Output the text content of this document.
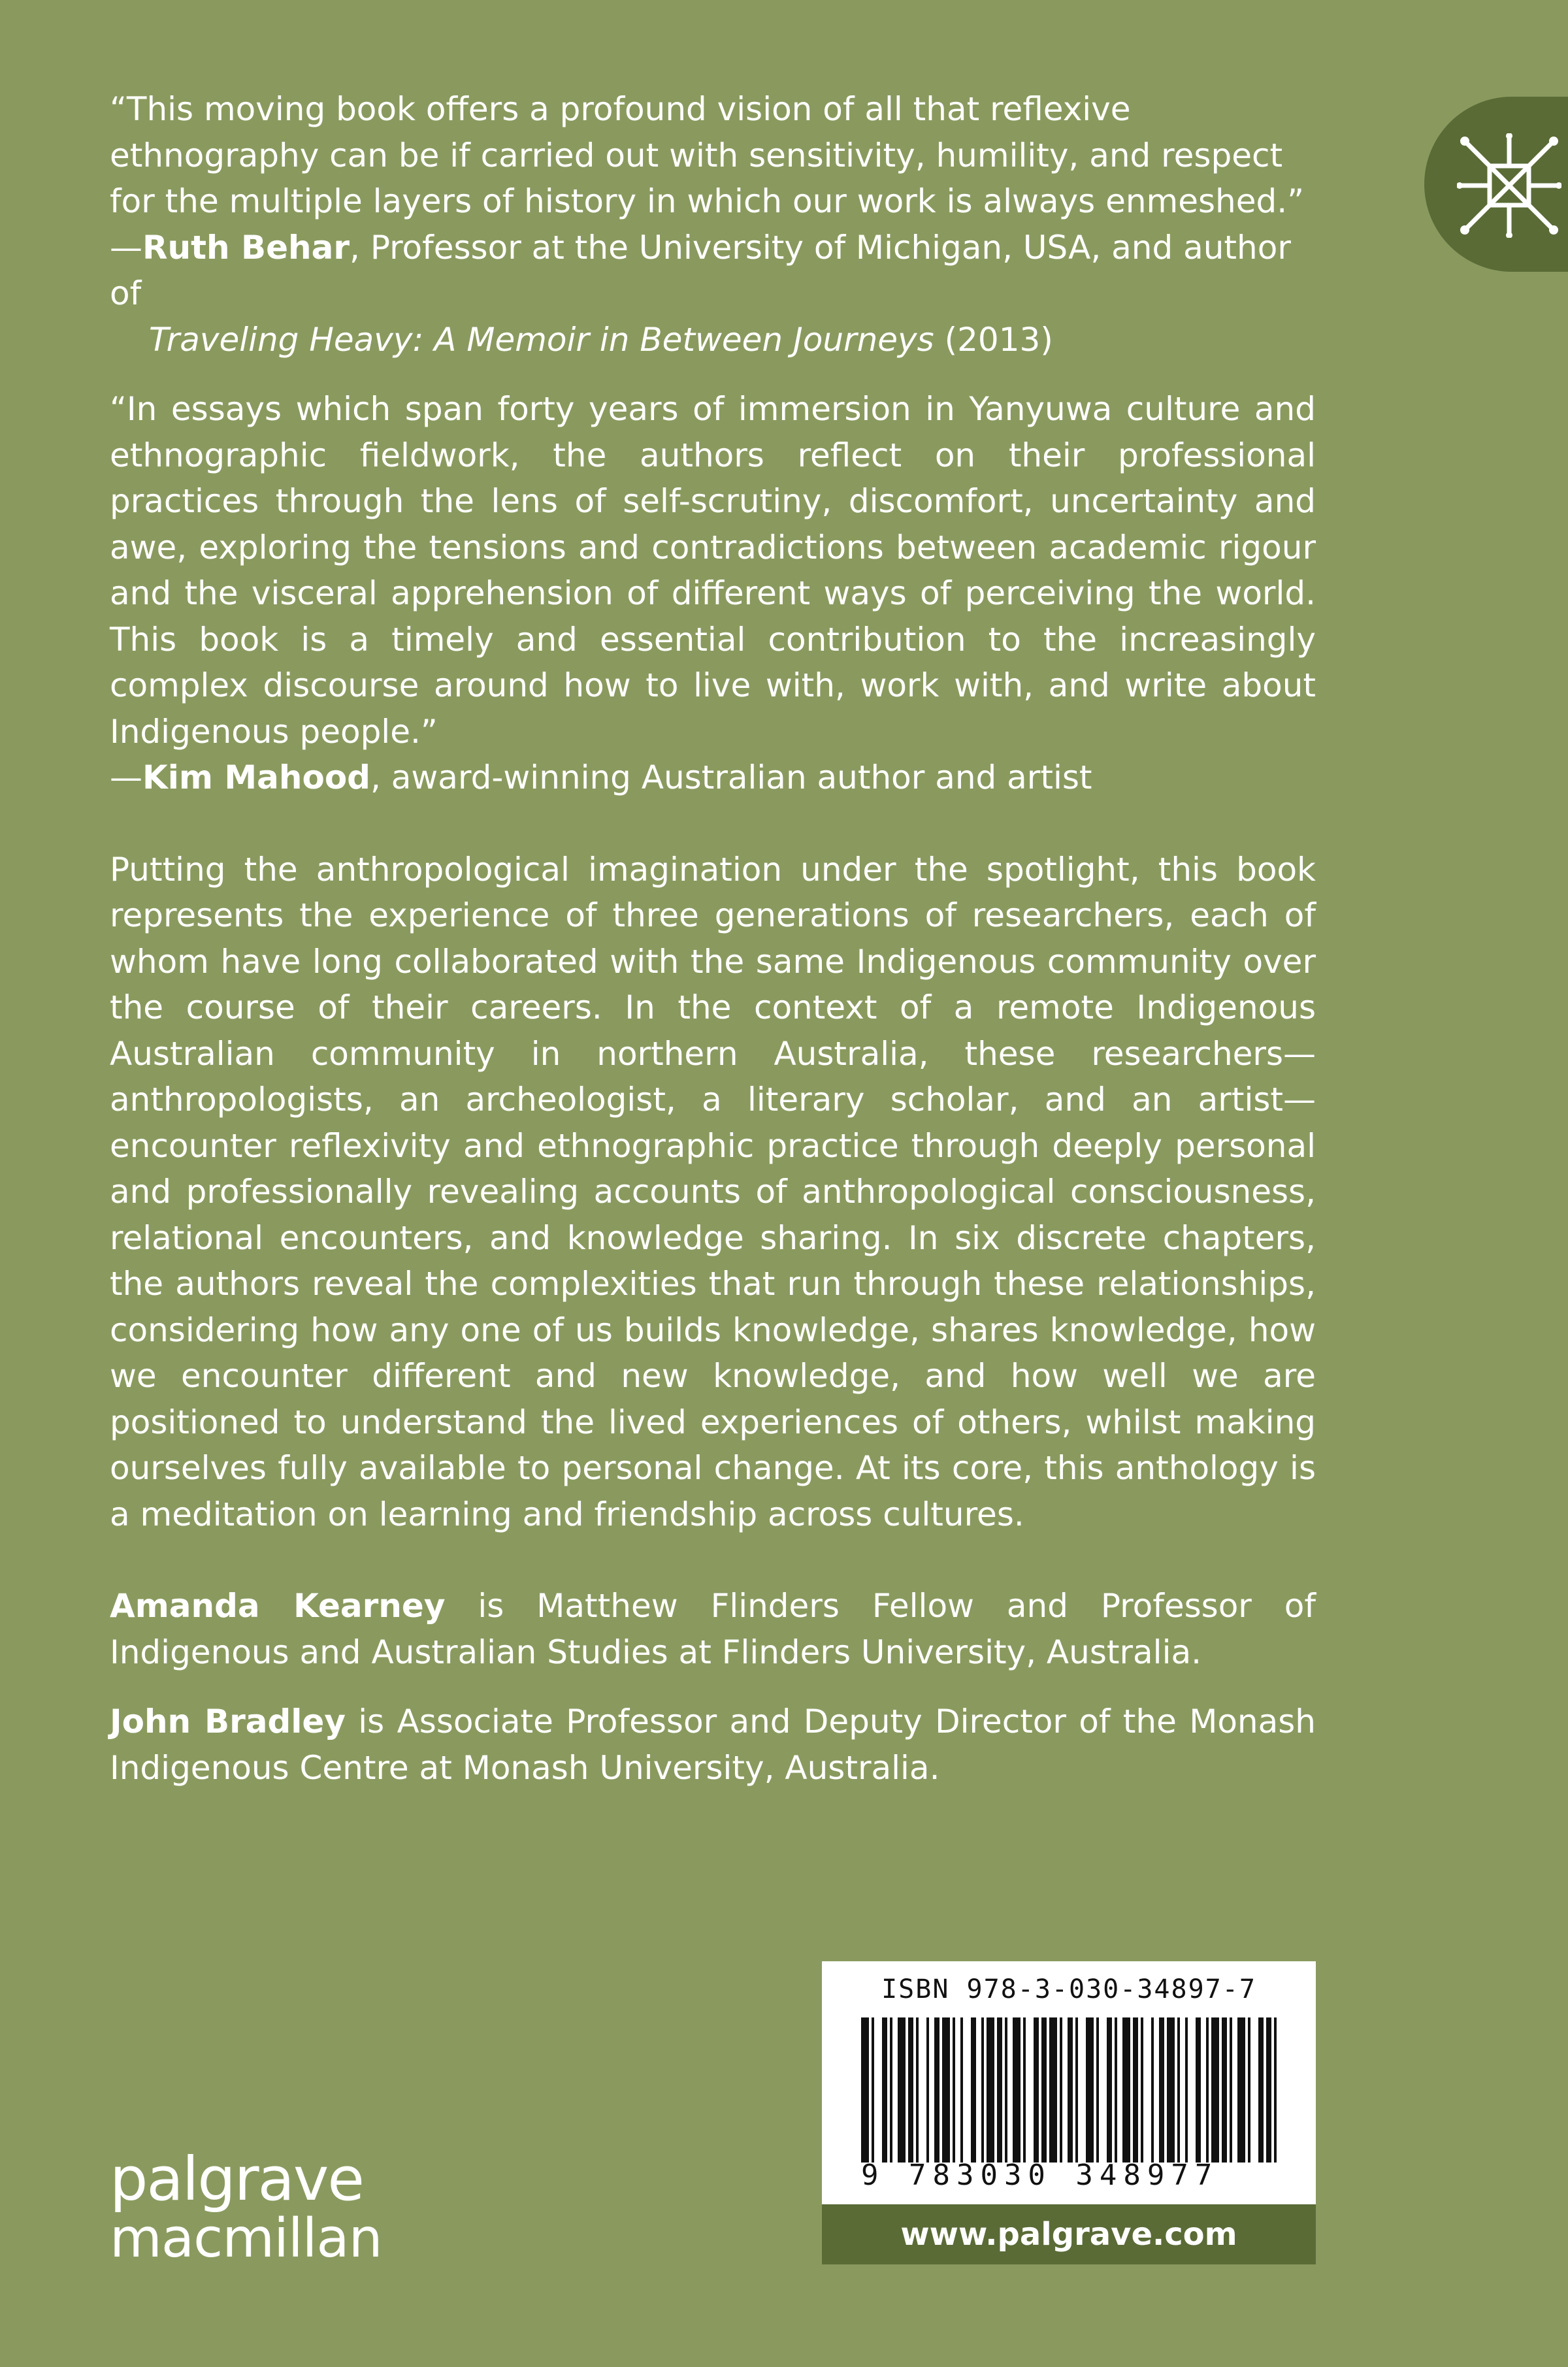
“This moving book offers a profound vision of all that reflexive ethnography can be if carried out with sensitivity, humility, and respect for the multiple layers of history in which our work is always enmeshed.”

—Ruth Behar, Professor at the University of Michigan, USA, and author of
Traveling Heavy: A Memoir in Between Journeys (2013)

“In essays which span forty years of immersion in Yanyuwa culture and ethnographic fieldwork, the authors reflect on their professional practices through the lens of self-scrutiny, discomfort, uncertainty and awe, exploring the tensions and contradictions between academic rigour and the visceral apprehension of different ways of perceiving the world. This book is a timely and essential contribution to the increasingly complex discourse around how to live with, work with, and write about Indigenous people.”

—Kim Mahood, award-winning Australian author and artist

Putting the anthropological imagination under the spotlight, this book represents the experience of three generations of researchers, each of whom have long collaborated with the same Indigenous community over the course of their careers. In the context of a remote Indigenous Australian community in northern Australia, these researchers—anthropologists, an archeologist, a literary scholar, and an artist—encounter reflexivity and ethnographic practice through deeply personal and professionally revealing accounts of anthropological consciousness, relational encounters, and knowledge sharing. In six discrete chapters, the authors reveal the complexities that run through these relationships, considering how any one of us builds knowledge, shares knowledge, how we encounter different and new knowledge, and how well we are positioned to understand the lived experiences of others, whilst making ourselves fully available to personal change. At its core, this anthology is a meditation on learning and friendship across cultures.

Amanda Kearney is Matthew Flinders Fellow and Professor of Indigenous and Australian Studies at Flinders University, Australia.

John Bradley is Associate Professor and Deputy Director of the Monash Indigenous Centre at Monash University, Australia.

palgrave
macmillan
ISBN 978-3-030-34897-7
9 783030 348977
www.palgrave.com
